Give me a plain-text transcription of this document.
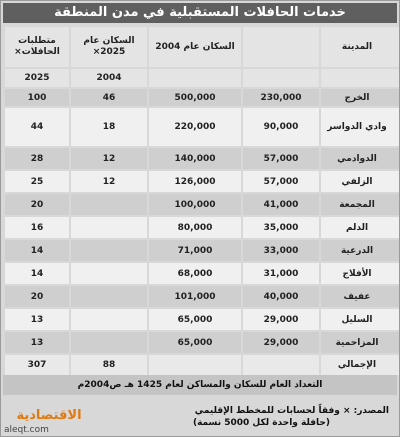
خدمات الحافلات المستقبلية في مدن المنطقة
المدينة		السكان عام 2004	السكان عام 2025×	متطلبات الحافلات×
			2004	2025
الخرج	230,000	500,000	46	100
وادي الدواسر	90,000	220,000	18	44
الدوادمي	57,000	140,000	12	28
الزلفي	57,000	126,000	12	25
المجمعة	41,000	100,000		20
الدلم	35,000	80,000		16
الدرعية	33,000	71,000		14
الأفلاج	31,000	68,000		14
عفيف	40,000	101,000		20
السليل	29,000	65,000		13
المزاحمية	29,000	65,000		13
الإجمالي			88	307
التعداد العام للسكان والمساكن لعام 1425 هـ ص2004م
المصدر: × وفقاً لحسابات للمخطط الإقليمي
(حافلة واحدة لكل 5000 نسمة)
الاقتصادية
aleqt.com
